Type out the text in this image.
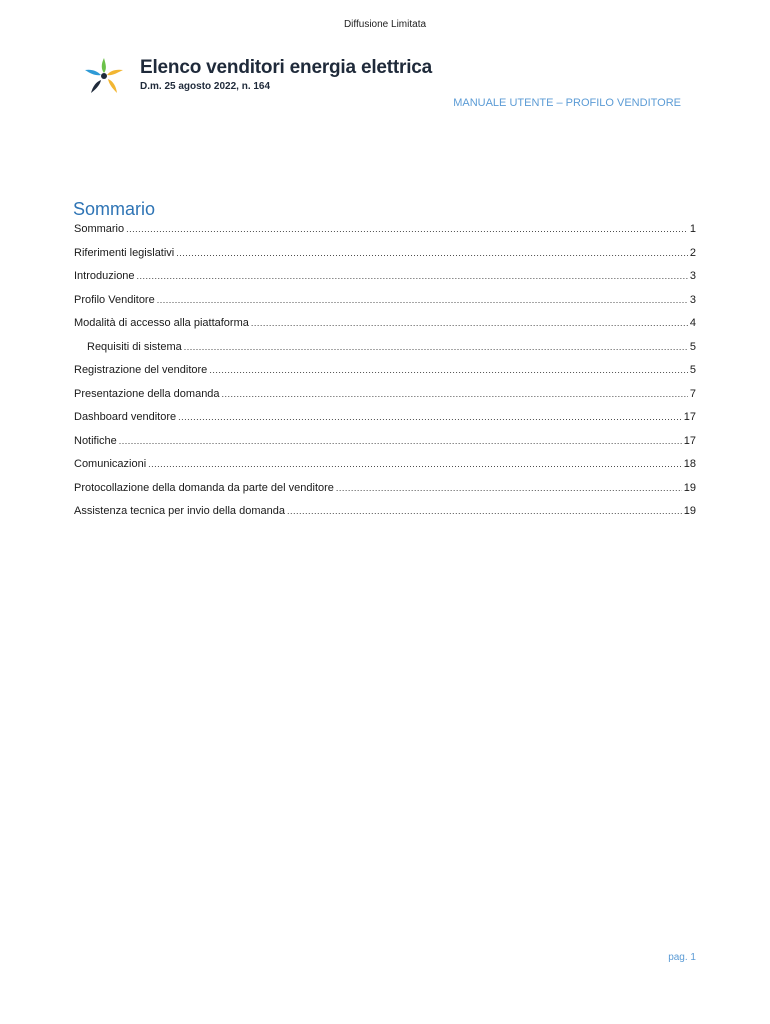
Diffusione Limitata
Elenco venditori energia elettrica
D.m. 25 agosto 2022, n. 164
MANUALE UTENTE – PROFILO VENDITORE
Sommario
Sommario .....	1
Riferimenti legislativi .....	2
Introduzione .....	3
Profilo Venditore .....	3
Modalità di accesso alla piattaforma .....	4
Requisiti di sistema .....	5
Registrazione del venditore .....	5
Presentazione della domanda .....	7
Dashboard venditore .....	17
Notifiche .....	17
Comunicazioni .....	18
Protocollazione della domanda da parte del venditore .....	19
Assistenza tecnica per invio della domanda .....	19
pag. 1
